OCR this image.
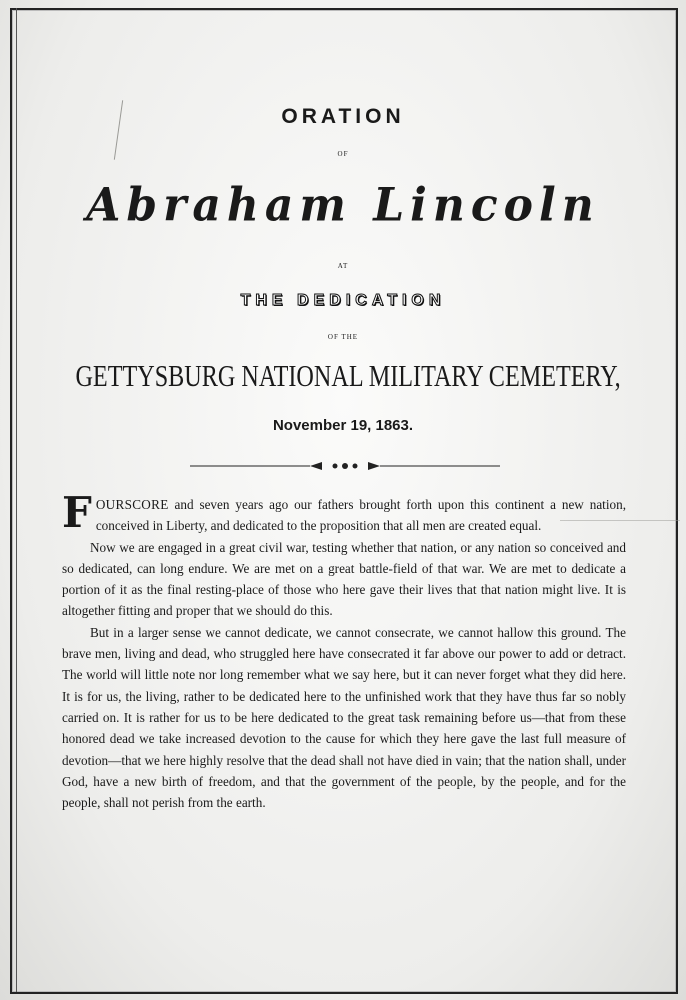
ORATION
OF
Abraham Lincoln
AT
THE DEDICATION
OF THE
GETTYSBURG NATIONAL MILITARY CEMETERY,
November 19, 1863.

FOURSCORE and seven years ago our fathers brought forth upon this continent a new nation, conceived in Liberty, and dedicated to the proposition that all men are created equal.

Now we are engaged in a great civil war, testing whether that nation, or any nation so conceived and so dedicated, can long endure. We are met on a great battle-field of that war. We are met to dedicate a portion of it as the final resting-place of those who here gave their lives that that nation might live. It is altogether fitting and proper that we should do this.

But in a larger sense we cannot dedicate, we cannot consecrate, we cannot hallow this ground. The brave men, living and dead, who struggled here have consecrated it far above our power to add or detract. The world will little note nor long remember what we say here, but it can never forget what they did here. It is for us, the living, rather to be dedicated here to the unfinished work that they have thus far so nobly carried on. It is rather for us to be here dedicated to the great task remaining before us—that from these honored dead we take increased devotion to the cause for which they here gave the last full measure of devotion—that we here highly resolve that the dead shall not have died in vain; that the nation shall, under God, have a new birth of freedom, and that the government of the people, by the people, and for the people, shall not perish from the earth.
